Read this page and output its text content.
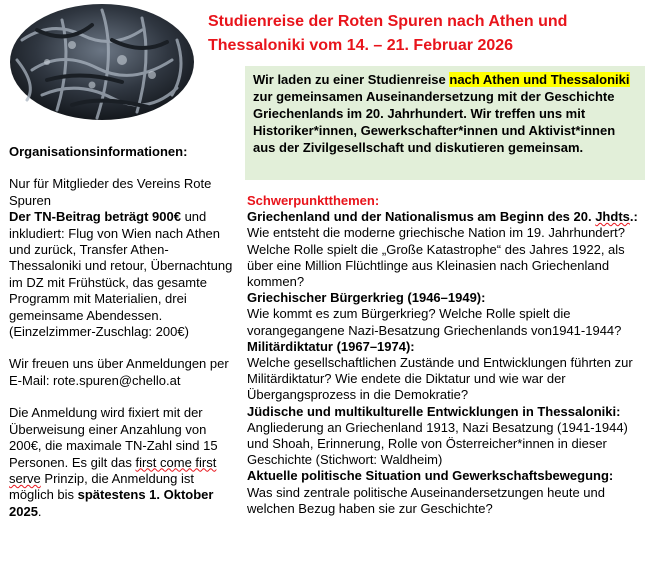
Studienreise der Roten Spuren nach Athen und Thessaloniki vom 14. – 21. Februar 2026

Organisationsinformationen:

Nur für Mitglieder des Vereins Rote Spuren

Der TN-Beitrag beträgt 900€ und inkludiert: Flug von Wien nach Athen und zurück, Transfer Athen-Thessaloniki und retour, Übernachtung im DZ mit Frühstück, das gesamte Programm mit Materialien, drei gemeinsame Abendessen. (Einzelzimmer-Zuschlag: 200€)

Wir freuen uns über Anmeldungen per E-Mail: rote.spuren@chello.at

Die Anmeldung wird fixiert mit der Überweisung einer Anzahlung von 200€, die maximale TN-Zahl sind 15 Personen. Es gilt das first come first serve Prinzip, die Anmeldung ist möglich bis spätestens 1. Oktober 2025.

Wir laden zu einer Studienreise nach Athen und Thessaloniki zur gemeinsamen Auseinandersetzung mit der Geschichte Griechenlands im 20. Jahrhundert. Wir treffen uns mit Historiker*innen, Gewerkschafter*innen und Aktivist*innen aus der Zivilgesellschaft und diskutieren gemeinsam.

Schwerpunktthemen:

Griechenland und der Nationalismus am Beginn des 20. Jhdts.:

Wie entsteht die moderne griechische Nation im 19. Jahrhundert? Welche Rolle spielt die „Große Katastrophe“ des Jahres 1922, als über eine Million Flüchtlinge aus Kleinasien nach Griechenland kommen?

Griechischer Bürgerkrieg (1946–1949):

Wie kommt es zum Bürgerkrieg? Welche Rolle spielt die vorangegangene Nazi-Besatzung Griechenlands von1941-1944?

Militärdiktatur (1967–1974):

Welche gesellschaftlichen Zustände und Entwicklungen führten zur Militärdiktatur? Wie endete die Diktatur und wie war der Übergangsprozess in die Demokratie?

Jüdische und multikulturelle Entwicklungen in Thessaloniki:

Angliederung an Griechenland 1913, Nazi Besatzung (1941-1944) und Shoah, Erinnerung, Rolle von Österreicher*innen in dieser Geschichte (Stichwort: Waldheim)

Aktuelle politische Situation und Gewerkschaftsbewegung:

Was sind zentrale politische Auseinandersetzungen heute und welchen Bezug haben sie zur Geschichte?
